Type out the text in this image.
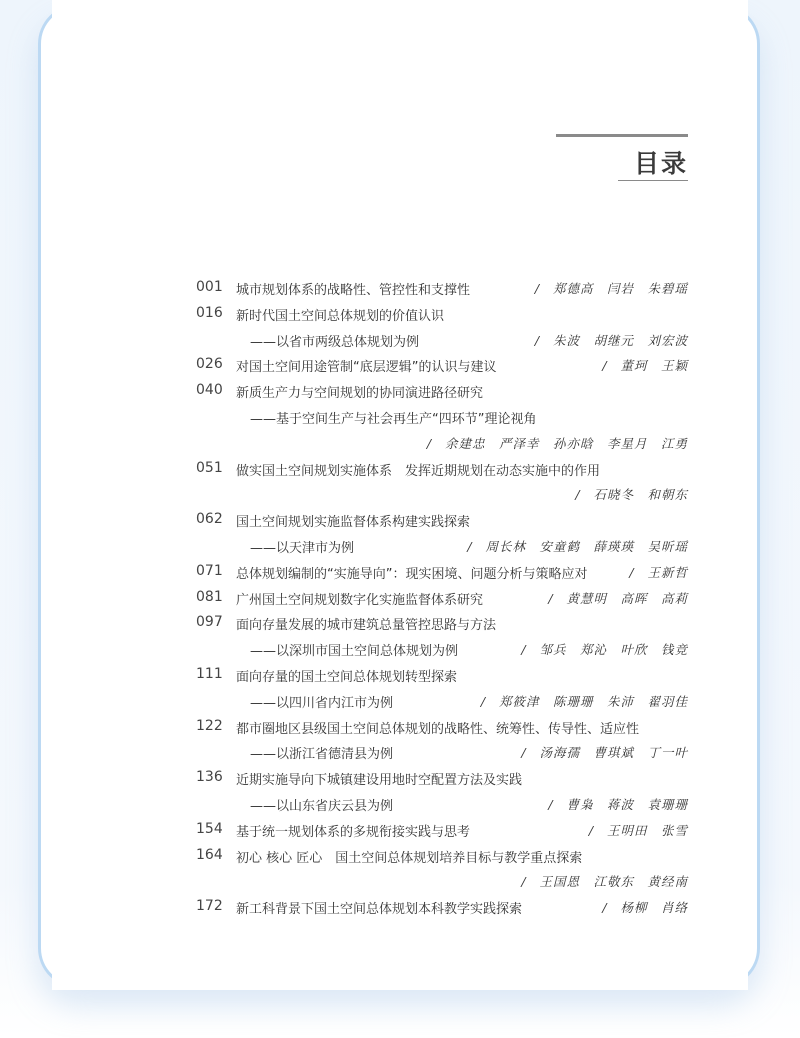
目录
001 城市规划体系的战略性、管控性和支撑性	/ 郑德高　闫岩　朱碧瑶
016 新时代国土空间总体规划的价值认识
——以省市两级总体规划为例	/ 朱波　胡继元　刘宏波
026 对国土空间用途管制“底层逻辑”的认识与建议	/ 董珂　王颖
040 新质生产力与空间规划的协同演进路径研究
——基于空间生产与社会再生产“四环节”理论视角
/ 余建忠　严泽幸　孙亦晗　李星月　江勇
051 做实国土空间规划实施体系　发挥近期规划在动态实施中的作用
/ 石晓冬　和朝东
062 国土空间规划实施监督体系构建实践探索
——以天津市为例	/ 周长林　安童鹤　薛瑛瑛　吴昕瑶
071 总体规划编制的“实施导向”：现实困境、问题分析与策略应对	/ 王新哲
081 广州国土空间规划数字化实施监督体系研究	/ 黄慧明　高晖　高莉
097 面向存量发展的城市建筑总量管控思路与方法
——以深圳市国土空间总体规划为例	/ 邹兵　郑沁　叶欣　钱竞
111 面向存量的国土空间总体规划转型探索
——以四川省内江市为例	/ 郑筱津　陈珊珊　朱沛　翟羽佳
122 都市圈地区县级国土空间总体规划的战略性、统筹性、传导性、适应性
——以浙江省德清县为例	/ 汤海孺　曹琪斌　丁一叶
136 近期实施导向下城镇建设用地时空配置方法及实践
——以山东省庆云县为例	/ 曹枭　蒋波　袁珊珊
154 基于统一规划体系的多规衔接实践与思考	/ 王明田　张雪
164 初心 核心 匠心　国土空间总体规划培养目标与教学重点探索
/ 王国恩　江敬东　黄经南
172 新工科背景下国土空间总体规划本科教学实践探索	/ 杨柳　肖络
